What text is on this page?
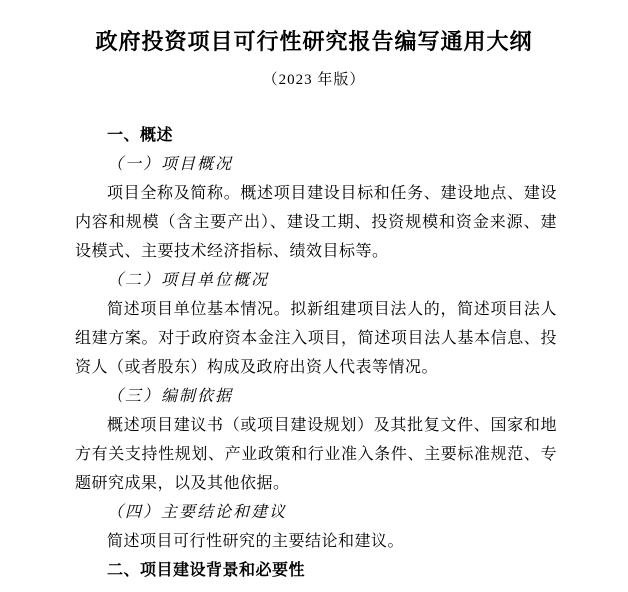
政府投资项目可行性研究报告编写通用大纲
（2023 年版）
一、概述
（一）项目概况

项目全称及简称。概述项目建设目标和任务、建设地点、建设内容和规模（含主要产出）、建设工期、投资规模和资金来源、建设模式、主要技术经济指标、绩效目标等。

（二）项目单位概况

简述项目单位基本情况。拟新组建项目法人的，简述项目法人组建方案。对于政府资本金注入项目，简述项目法人基本信息、投资人（或者股东）构成及政府出资人代表等情况。

（三）编制依据

概述项目建议书（或项目建设规划）及其批复文件、国家和地方有关支持性规划、产业政策和行业准入条件、主要标准规范、专题研究成果，以及其他依据。

（四）主要结论和建议

简述项目可行性研究的主要结论和建议。

二、项目建设背景和必要性
